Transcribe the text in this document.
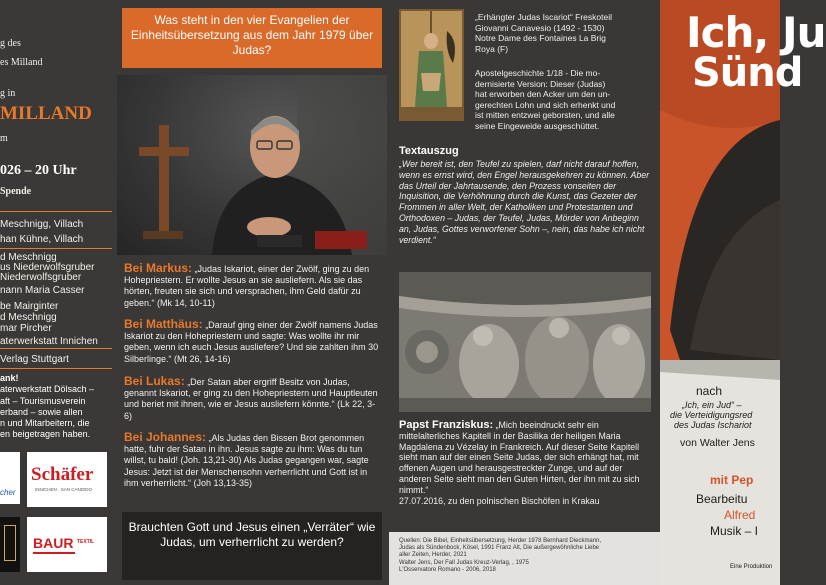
g des
es Milland
g in
MILLAND
m
026 – 20 Uhr
Spende
Meschnigg, Villach
han Kühne, Villach
d Meschnigg
us Niederwolfsgruber
Niederwolfsgruber
nann Maria Casser
be Mairginter
d Meschnigg
mar Pircher
aterwerkstatt Innichen
Verlag Stuttgart
ank!
aterwerkstatt Dölsach –
aft – Tourismusverein
erband – sowie allen
n und Mitarbeitern, die
en beigetragen haben.
cher
Schäfer
INNICHEN · SAN CANDIDO
BAUR TEXTIL
Was steht in den vier Evangelien der Einheitsübersetzung aus dem Jahr 1979 über Judas?
Bei Markus: „Judas Iskariot, einer der Zwölf, ging zu den Hohepriestern. Er wollte Jesus an sie ausliefern. Als sie das hörten, freuten sie sich und versprachen, ihm Geld dafür zu geben.“ (Mk 14, 10-11)
Bei Matthäus: „Darauf ging einer der Zwölf namens Judas Iskariot zu den Hohepriestern und sagte: Was wollte ihr mir geben, wenn ich euch Jesus ausliefere? Und sie zahlten ihm 30 Silberlinge.“ (Mt 26, 14-16)
Bei Lukas: „Der Satan aber ergriff Besitz von Judas, genannt Iskariot, er ging zu den Hohepriestern und Hauptleuten und beriet mit ihnen, wie er Jesus ausliefern könnte.“ (Lk 22, 3-6)
Bei Johannes: „Als Judas den Bissen Brot genommen hatte, fuhr der Satan in ihn. Jesus sagte zu ihm: Was du tun willst, tu bald! (Joh. 13,21-30) Als Judas gegangen war, sagte Jesus: Jetzt ist der Menschensohn verherrlicht und Gott ist in ihm verherrlicht.“ (Joh 13,13-35)
Brauchten Gott und Jesus einen „Verräter“ wie Judas, um verherrlicht zu werden?
„Erhängter Judas Iscariot“ Freskoteil
Giovanni Canavesio (1492 - 1530)
Notre Dame des Fontaines La Brig
Roya (F)
Apostelgeschichte 1/18 - Die mo-
dernisierte Version: Dieser (Judas)
hat erworben den Acker um den un-
gerechten Lohn und sich erhenkt und
ist mitten entzwei geborsten, und alle
seine Eingeweide ausgeschüttet.
Textauszug
„Wer bereit ist, den Teufel zu spielen, darf nicht darauf hoffen, wenn es ernst wird, den Engel herausgekehren zu können. Aber das Urteil der Jahrtausende, den Prozess vonseiten der Inquisition, die Verhöhnung durch die Kunst, das Gezeter der Frommen in aller Welt, der Katholiken und Protestanten und Orthodoxen – Judas, der Teufel, Judas, Mörder von Anbeginn an, Judas, Gottes verworfener Sohn –, nein, das habe ich nicht verdient.“
Papst Franziskus: „Mich beeindruckt sehr ein mittelalterliches Kapitell in der Basilika der heiligen Maria Magdalena zu Vézelay in Frankreich. Auf dieser Seite Kapitell sieht man auf der einen Seite Judas, der sich erhängt hat, mit offenen Augen und herausgestreckter Zunge, und auf der anderen Seite sieht man den Guten Hirten, der ihn mit zu sich nimmt.“
27.07.2016, zu den polnischen Bischöfen in Krakau
Quellen: Die Bibel, Einheitsübersetzung, Herder 1978 Bernhard Dieckmann,
Judas als Sündenbock, Kösel, 1991 Franz Alt, Die außergewöhnliche Liebe
aller Zeiten, Herder, 2021
Walter Jens, Der Fall Judas Kreuz-Verlag, , 1975
L'Osservatore Romano - 2006, 2018
Ich, Ju
Sünd
nach
„Ich, ein Jud“ –
die Verteidigungsred
des Judas Ischariot
von Walter Jens
mit Pep
Bearbeitu
Alfred
Musik – I
Eine Produktion
